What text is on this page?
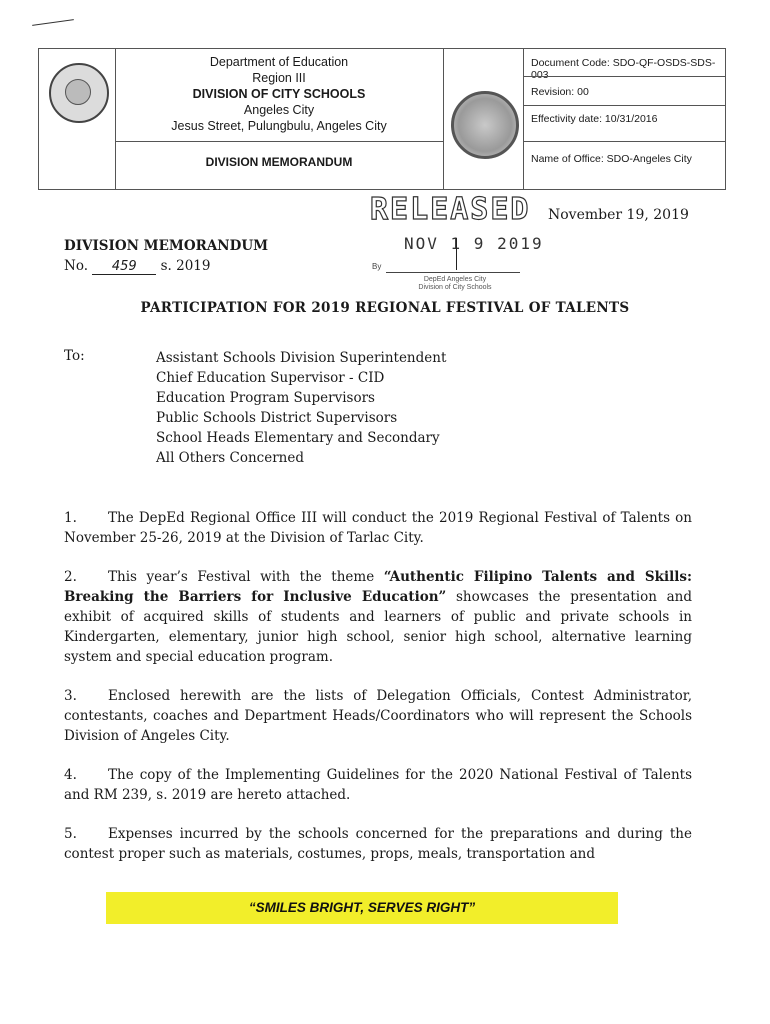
Department of Education
Region III
DIVISION OF CITY SCHOOLS
Angeles City
Jesus Street, Pulungbulu, Angeles City
DIVISION MEMORANDUM
Document Code: SDO-QF-OSDS-SDS-003
Revision: 00
Effectivity date: 10/31/2016
Name of Office: SDO-Angeles City
RELEASED
NOV 1 9 2019
By
DepEd Angeles City
Division of City Schools
November 19, 2019
DIVISION MEMORANDUM
No. 459 s. 2019
PARTICIPATION FOR 2019 REGIONAL FESTIVAL OF TALENTS
To:	Assistant Schools Division Superintendent
Chief Education Supervisor - CID
Education Program Supervisors
Public Schools District Supervisors
School Heads Elementary and Secondary
All Others Concerned
1. The DepEd Regional Office III will conduct the 2019 Regional Festival of Talents on November 25-26, 2019 at the Division of Tarlac City.
2. This year’s Festival with the theme “Authentic Filipino Talents and Skills: Breaking the Barriers for Inclusive Education” showcases the presentation and exhibit of acquired skills of students and learners of public and private schools in Kindergarten, elementary, junior high school, senior high school, alternative learning system and special education program.
3. Enclosed herewith are the lists of Delegation Officials, Contest Administrator, contestants, coaches and Department Heads/Coordinators who will represent the Schools Division of Angeles City.
4. The copy of the Implementing Guidelines for the 2020 National Festival of Talents and RM 239, s. 2019 are hereto attached.
5. Expenses incurred by the schools concerned for the preparations and during the contest proper such as materials, costumes, props, meals, transportation and
“SMILES BRIGHT, SERVES RIGHT”
